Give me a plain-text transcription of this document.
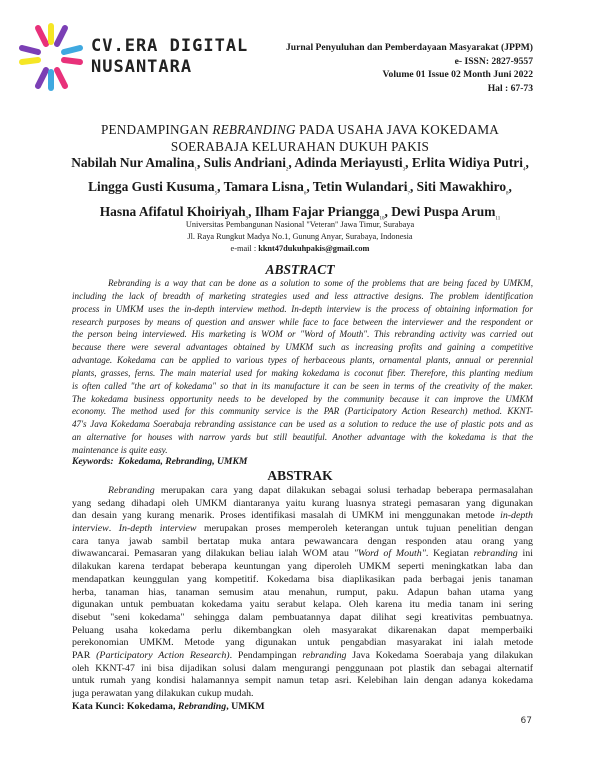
CV.ERA DIGITAL
NUSANTARA
Jurnal Penyuluhan dan Pemberdayaan Masyarakat (JPPM)
e- ISSN: 2827-9557
Volume 01 Issue 02 Month Juni 2022
Hal : 67-73
PENDAMPINGAN REBRANDING PADA USAHA JAVA KOKEDAMA
SOERABAJA KELURAHAN DUKUH PAKIS
Nabilah Nur Amalina$_1$, Sulis Andriani$_2$, Adinda Meriayusti$_3$, Erlita Widiya Putri$_4$, Lingga Gusti Kusuma$_5$, Tamara Lisna$_6$, Tetin Wulandari$_7$, Siti Mawakhiro$_8$, Hasna Afifatul Khoiriyah$_9$, Ilham Fajar Priangga$_{10}$, Dewi Puspa Arum$_{11}$
Universitas Pembangunan Nasional "Veteran" Jawa Timur, Surabaya
Jl. Raya Rungkut Madya No.1, Gunung Anyar, Surabaya, Indonesia
e-mail : kknt47dukuhpakis@gmail.com
ABSTRACT
Rebranding is a way that can be done as a solution to some of the problems that are being faced by UMKM,
including the lack of breadth of marketing strategies used and less attractive designs. The problem identification
process in UMKM uses the in-depth interview method. In-depth interview is the process of obtaining information for
research purposes by means of question and answer while face to face between the interviewer and the respondent or
the person being interviewed. His marketing is WOM or "Word of Mouth". This rebranding activity was carried out
because there were several advantages obtained by UMKM such as increasing profits and gaining a competitive
advantage. Kokedama can be applied to various types of herbaceous plants, ornamental plants, annual or perennial
plants, grasses, ferns. The main material used for making kokedama is coconut fiber. Therefore, this planting medium
is often called "the art of kokedama" so that in its manufacture it can be seen in terms of the creativity of the maker.
The kokedama business opportunity needs to be developed by the community because it can improve the UMKM
economy. The method used for this community service is the PAR (Participatory Action Research) method. KKNT-
47's Java Kokedama Soerabaja rebranding assistance can be used as a solution to reduce the use of plastic pots and as
an alternative for houses with narrow yards but still beautiful. Another advantage with the kokedama is that the
maintenance is quite easy.
Keywords: Kokedama, Rebranding, UMKM
ABSTRAK
Rebranding merupakan cara yang dapat dilakukan sebagai solusi terhadap beberapa permasalahan
yang sedang dihadapi oleh UMKM diantaranya yaitu kurang luasnya strategi pemasaran yang digunakan
dan desain yang kurang menarik. Proses identifikasi masalah di UMKM ini menggunakan metode in-depth
interview. In-depth interview merupakan proses memperoleh keterangan untuk tujuan penelitian dengan
cara tanya jawab sambil bertatap muka antara pewawancara dengan responden atau orang yang
diwawancarai. Pemasaran yang dilakukan beliau ialah WOM atau "Word of Mouth". Kegiatan rebranding ini
dilakukan karena terdapat beberapa keuntungan yang diperoleh UMKM seperti meningkatkan laba dan
mendapatkan keunggulan yang kompetitif. Kokedama bisa diaplikasikan pada berbagai jenis tanaman
herba, tanaman hias, tanaman semusim atau menahun, rumput, paku. Adapun bahan utama yang
digunakan untuk pembuatan kokedama yaitu serabut kelapa. Oleh karena itu media tanam ini sering
disebut "seni kokedama" sehingga dalam pembuatannya dapat dilihat segi kreativitas pembuatnya.
Peluang usaha kokedama perlu dikembangkan oleh masyarakat dikarenakan dapat memperbaiki
perekonomian UMKM. Metode yang digunakan untuk pengabdian masyarakat ini ialah metode
PAR (Participatory Action Research). Pendampingan rebranding Java Kokedama Soerabaja yang dilakukan
oleh KKNT-47 ini bisa dijadikan solusi dalam mengurangi penggunaan pot plastik dan sebagai alternatif
untuk rumah yang kondisi halamannya sempit namun tetap asri. Kelebihan lain dengan adanya kokedama
juga perawatan yang dilakukan cukup mudah.
Kata Kunci: Kokedama, Rebranding, UMKM
67
